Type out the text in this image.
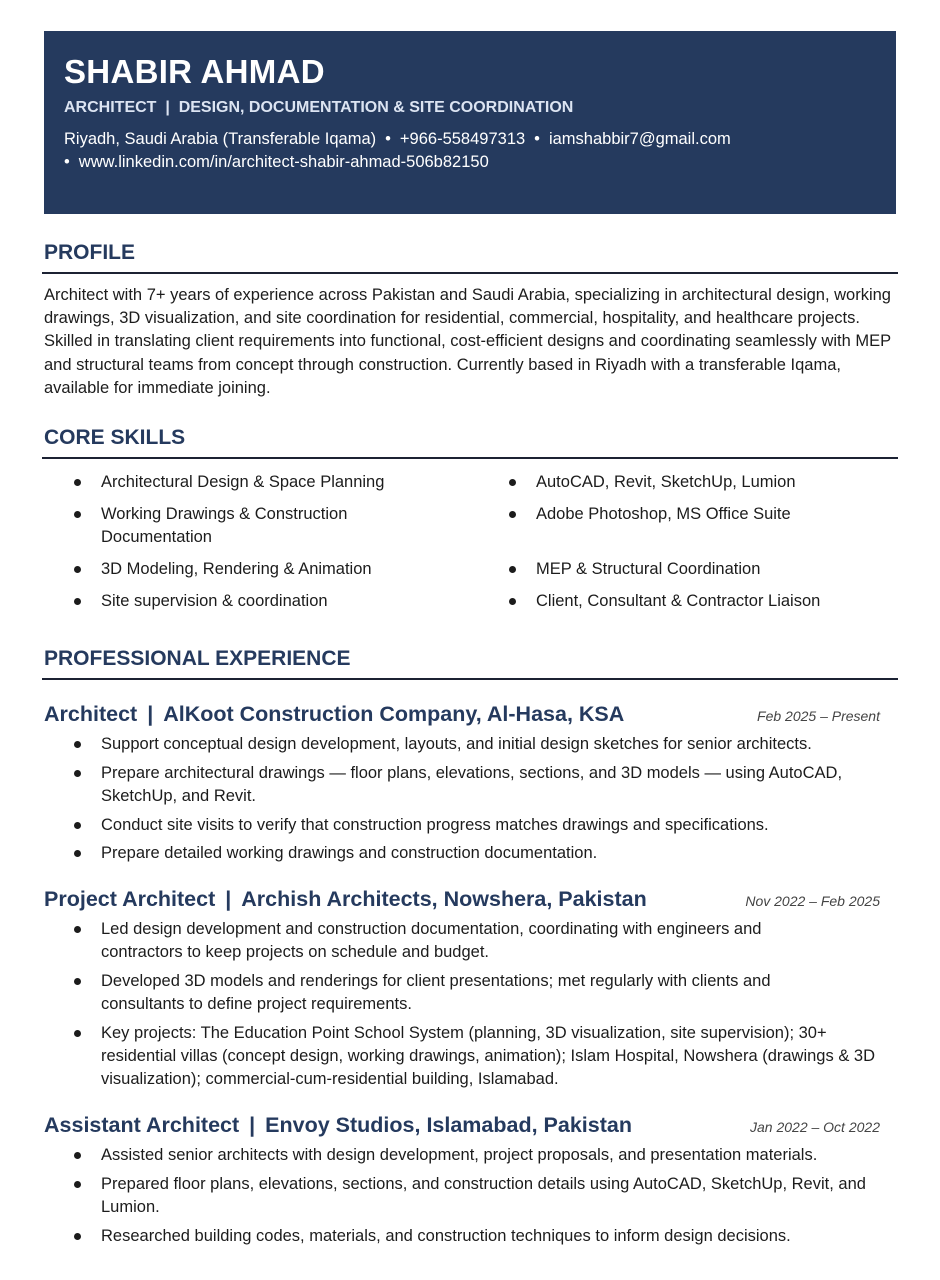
SHABIR AHMAD
ARCHITECT  |  DESIGN, DOCUMENTATION & SITE COORDINATION
Riyadh, Saudi Arabia (Transferable Iqama) • +966-558497313 • iamshabbir7@gmail.com
• www.linkedin.com/in/architect-shabir-ahmad-506b82150
PROFILE
Architect with 7+ years of experience across Pakistan and Saudi Arabia, specializing in architectural design, working drawings, 3D visualization, and site coordination for residential, commercial, hospitality, and healthcare projects. Skilled in translating client requirements into functional, cost-efficient designs and coordinating seamlessly with MEP and structural teams from concept through construction. Currently based in Riyadh with a transferable Iqama, available for immediate joining.
CORE SKILLS
Architectural Design & Space Planning	AutoCAD, Revit, SketchUp, Lumion
Working Drawings & Construction Documentation
Adobe Photoshop, MS Office Suite
3D Modeling, Rendering & Animation	MEP & Structural Coordination
Site supervision & coordination	Client, Consultant & Contractor Liaison
PROFESSIONAL EXPERIENCE
Architect | AlKoot Construction Company, Al-Hasa, KSA	Feb 2025 – Present
Support conceptual design development, layouts, and initial design sketches for senior architects.
Prepare architectural drawings — floor plans, elevations, sections, and 3D models — using AutoCAD, SketchUp, and Revit.
Conduct site visits to verify that construction progress matches drawings and specifications.
Prepare detailed working drawings and construction documentation.
Project Architect | Archish Architects, Nowshera, Pakistan	Nov 2022 – Feb 2025
Led design development and construction documentation, coordinating with engineers and contractors to keep projects on schedule and budget.
Developed 3D models and renderings for client presentations; met regularly with clients and consultants to define project requirements.
Key projects: The Education Point School System (planning, 3D visualization, site supervision); 30+ residential villas (concept design, working drawings, animation); Islam Hospital, Nowshera (drawings & 3D visualization); commercial-cum-residential building, Islamabad.
Assistant Architect | Envoy Studios, Islamabad, Pakistan	Jan 2022 – Oct 2022
Assisted senior architects with design development, project proposals, and presentation materials.
Prepared floor plans, elevations, sections, and construction details using AutoCAD, SketchUp, Revit, and Lumion.
Researched building codes, materials, and construction techniques to inform design decisions.
